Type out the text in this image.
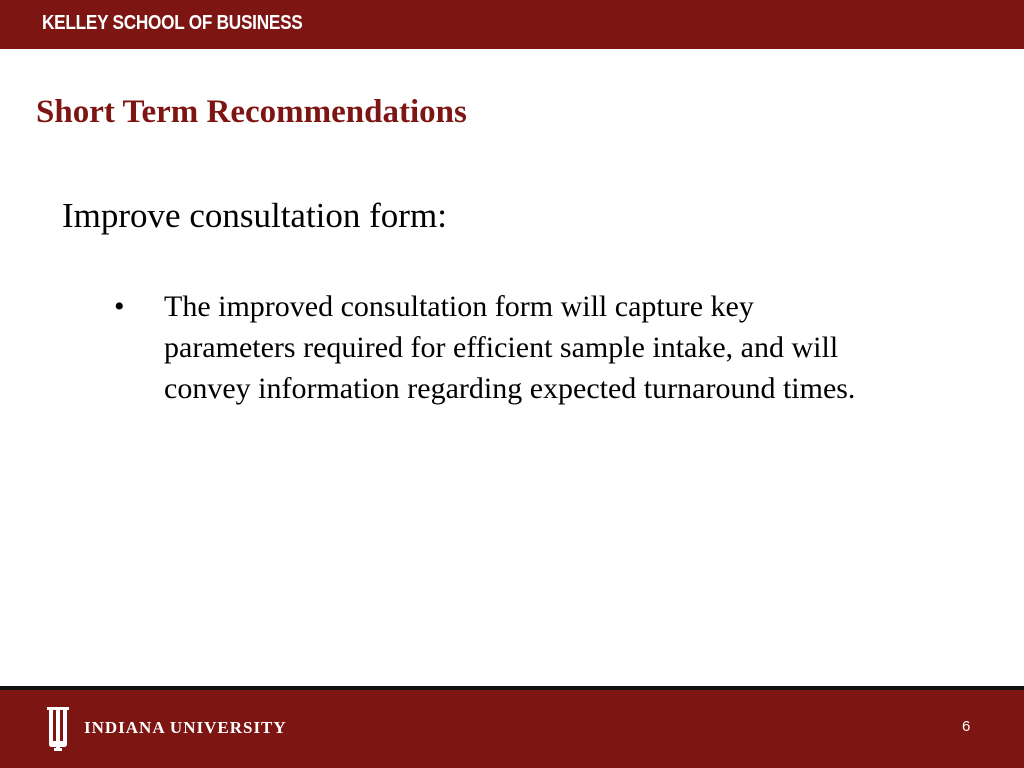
KELLEY SCHOOL OF BUSINESS
Short Term Recommendations
Improve consultation form:
• The improved consultation form will capture key parameters required for efficient sample intake, and will convey information regarding expected turnaround times.
INDIANA UNIVERSITY	6
